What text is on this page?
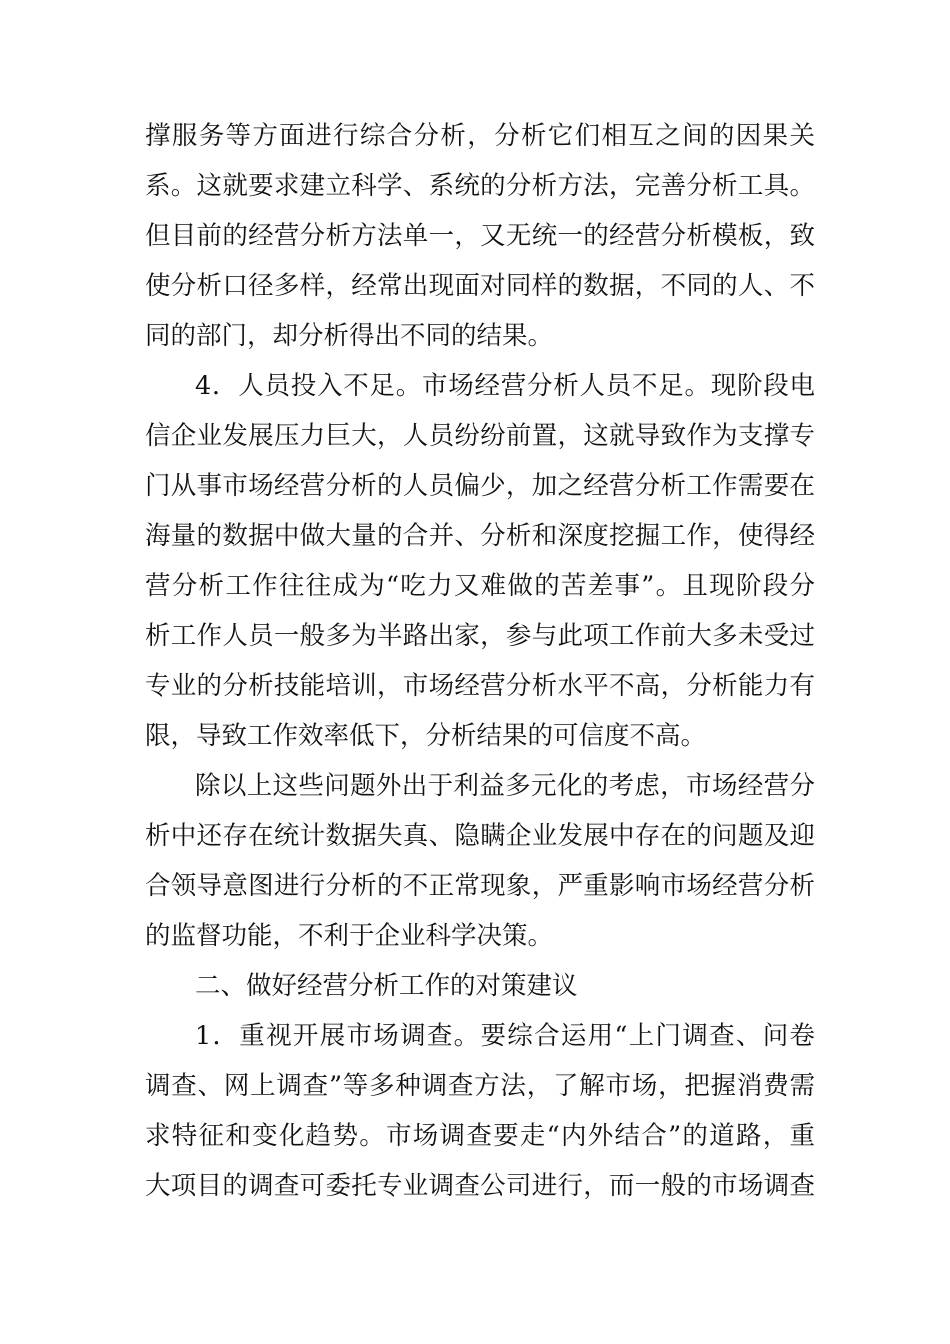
撑服务等方面进行综合分析，分析它们相互之间的因果关
系。这就要求建立科学、系统的分析方法，完善分析工具。
但目前的经营分析方法单一，又无统一的经营分析模板，致
使分析口径多样，经常出现面对同样的数据，不同的人、不
同的部门，却分析得出不同的结果。
4．人员投入不足。市场经营分析人员不足。现阶段电
信企业发展压力巨大，人员纷纷前置，这就导致作为支撑专
门从事市场经营分析的人员偏少，加之经营分析工作需要在
海量的数据中做大量的合并、分析和深度挖掘工作，使得经
营分析工作往往成为“吃力又难做的苦差事”。且现阶段分
析工作人员一般多为半路出家，参与此项工作前大多未受过
专业的分析技能培训，市场经营分析水平不高，分析能力有
限，导致工作效率低下，分析结果的可信度不高。
除以上这些问题外出于利益多元化的考虑，市场经营分
析中还存在统计数据失真、隐瞒企业发展中存在的问题及迎
合领导意图进行分析的不正常现象，严重影响市场经营分析
的监督功能，不利于企业科学决策。
二、做好经营分析工作的对策建议
1．重视开展市场调查。要综合运用“上门调查、问卷
调查、网上调查”等多种调查方法，了解市场，把握消费需
求特征和变化趋势。市场调查要走“内外结合”的道路，重
大项目的调查可委托专业调查公司进行，而一般的市场调查
